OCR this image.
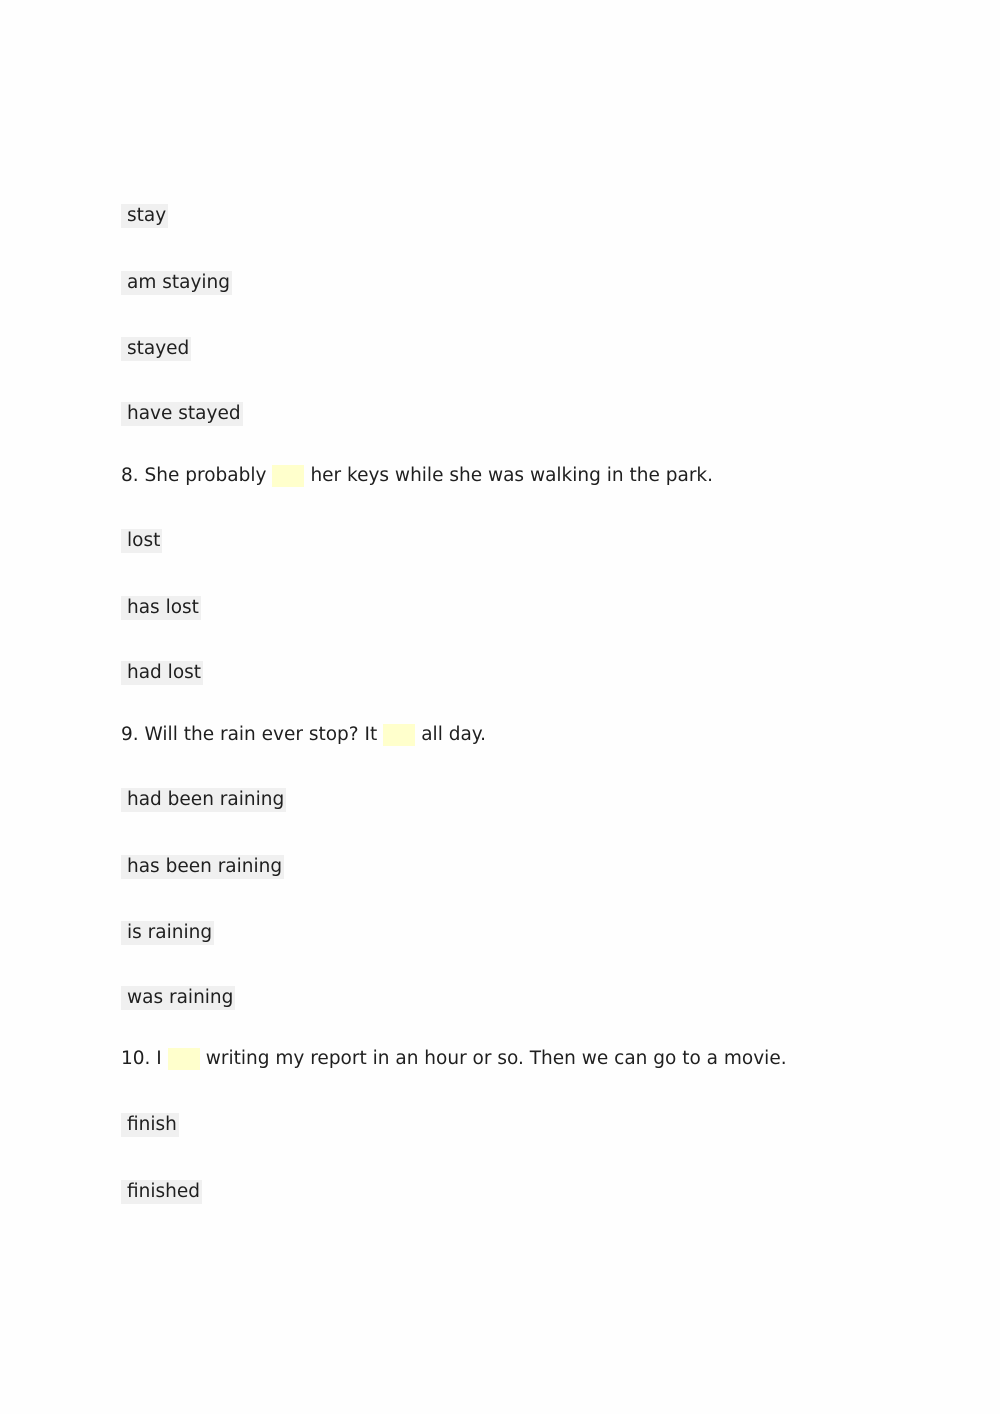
stay
am staying
stayed
have stayed
8. She probably her keys while she was walking in the park.
lost
has lost
had lost
9. Will the rain ever stop? It all day.
had been raining
has been raining
is raining
was raining
10. I writing my report in an hour or so. Then we can go to a movie.
finish
finished
